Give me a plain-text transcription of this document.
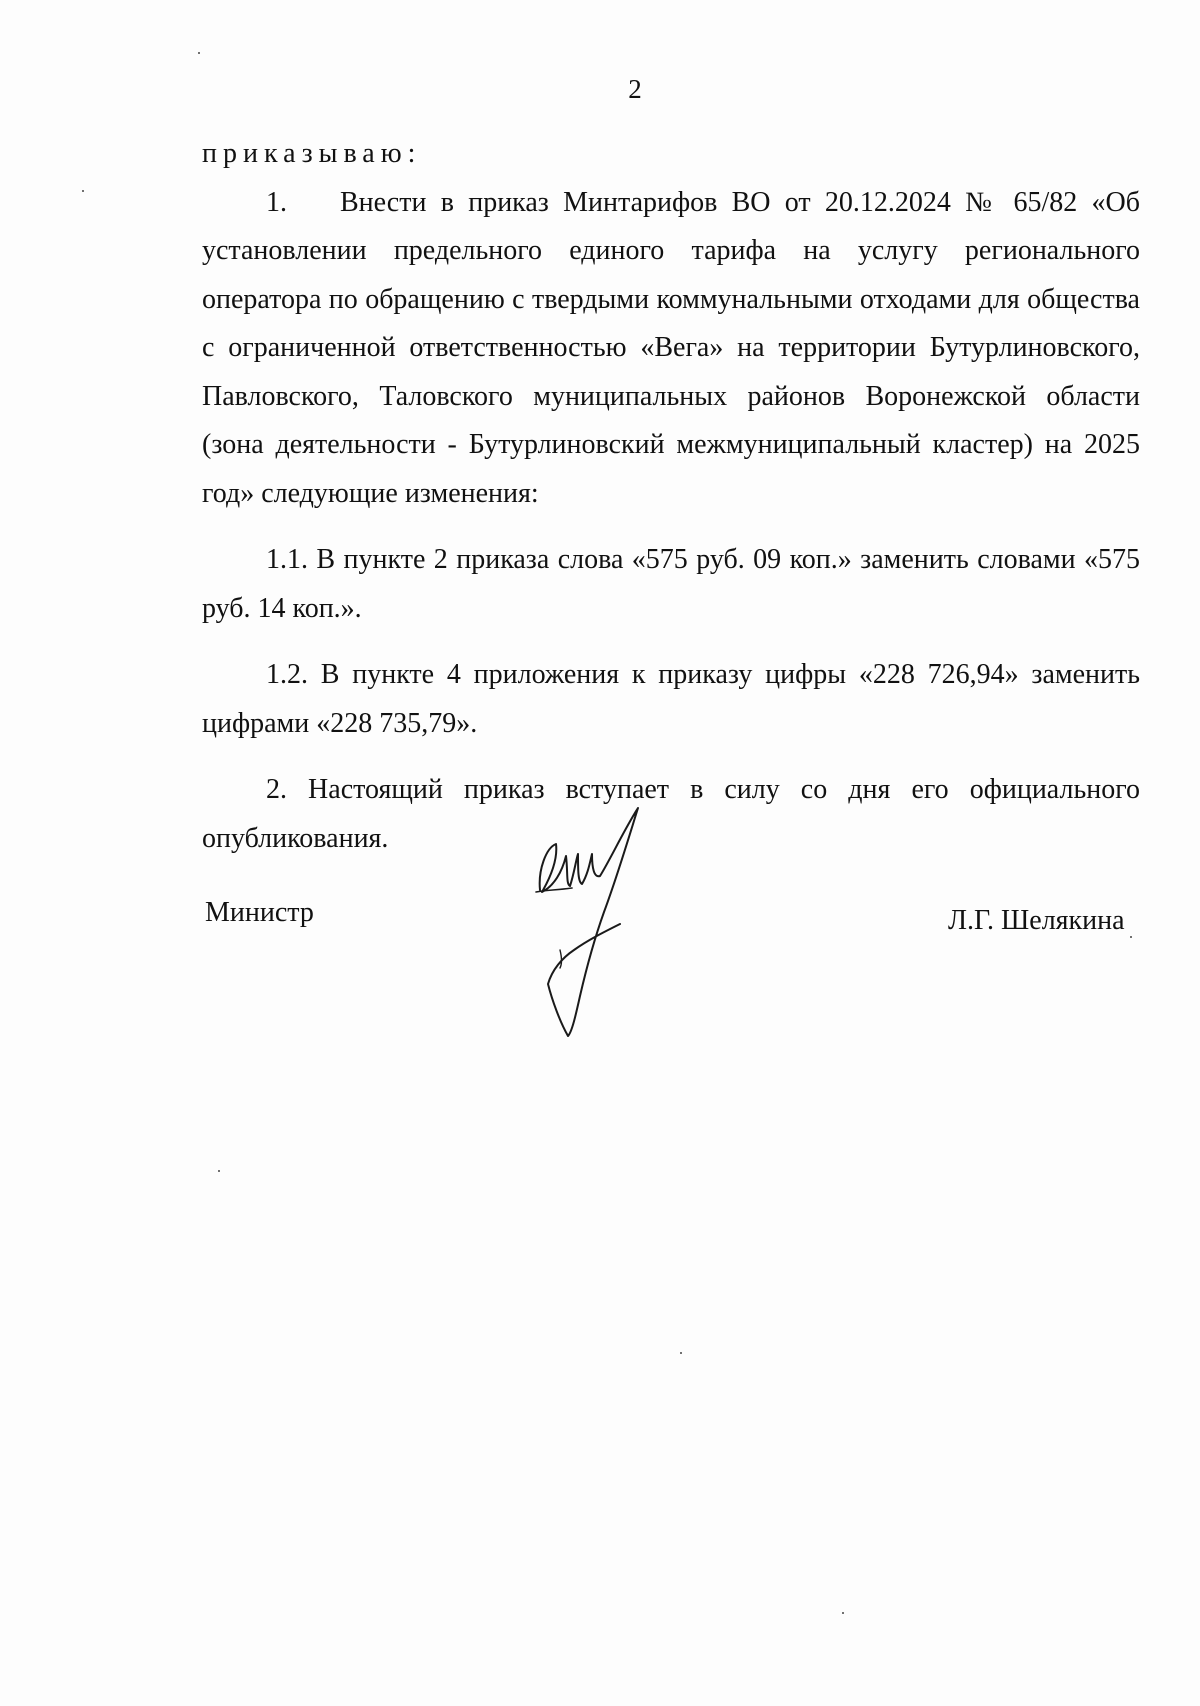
2

приказываю:

1. Внести в приказ Минтарифов ВО от 20.12.2024 № 65/82 «Об установлении предельного единого тарифа на услугу регионального оператора по обращению с твердыми коммунальными отходами для общества с ограниченной ответственностью «Вега» на территории Бутурлиновского, Павловского, Таловского муниципальных районов Воронежской области (зона деятельности - Бутурлиновский межмуниципальный кластер) на 2025 год» следующие изменения:

1.1. В пункте 2 приказа слова «575 руб. 09 коп.» заменить словами «575 руб. 14 коп.».

1.2. В пункте 4 приложения к приказу цифры «228 726,94» заменить цифрами «228 735,79».

2. Настоящий приказ вступает в силу со дня его официального опубликования.

Министр	Л.Г. Шелякина
